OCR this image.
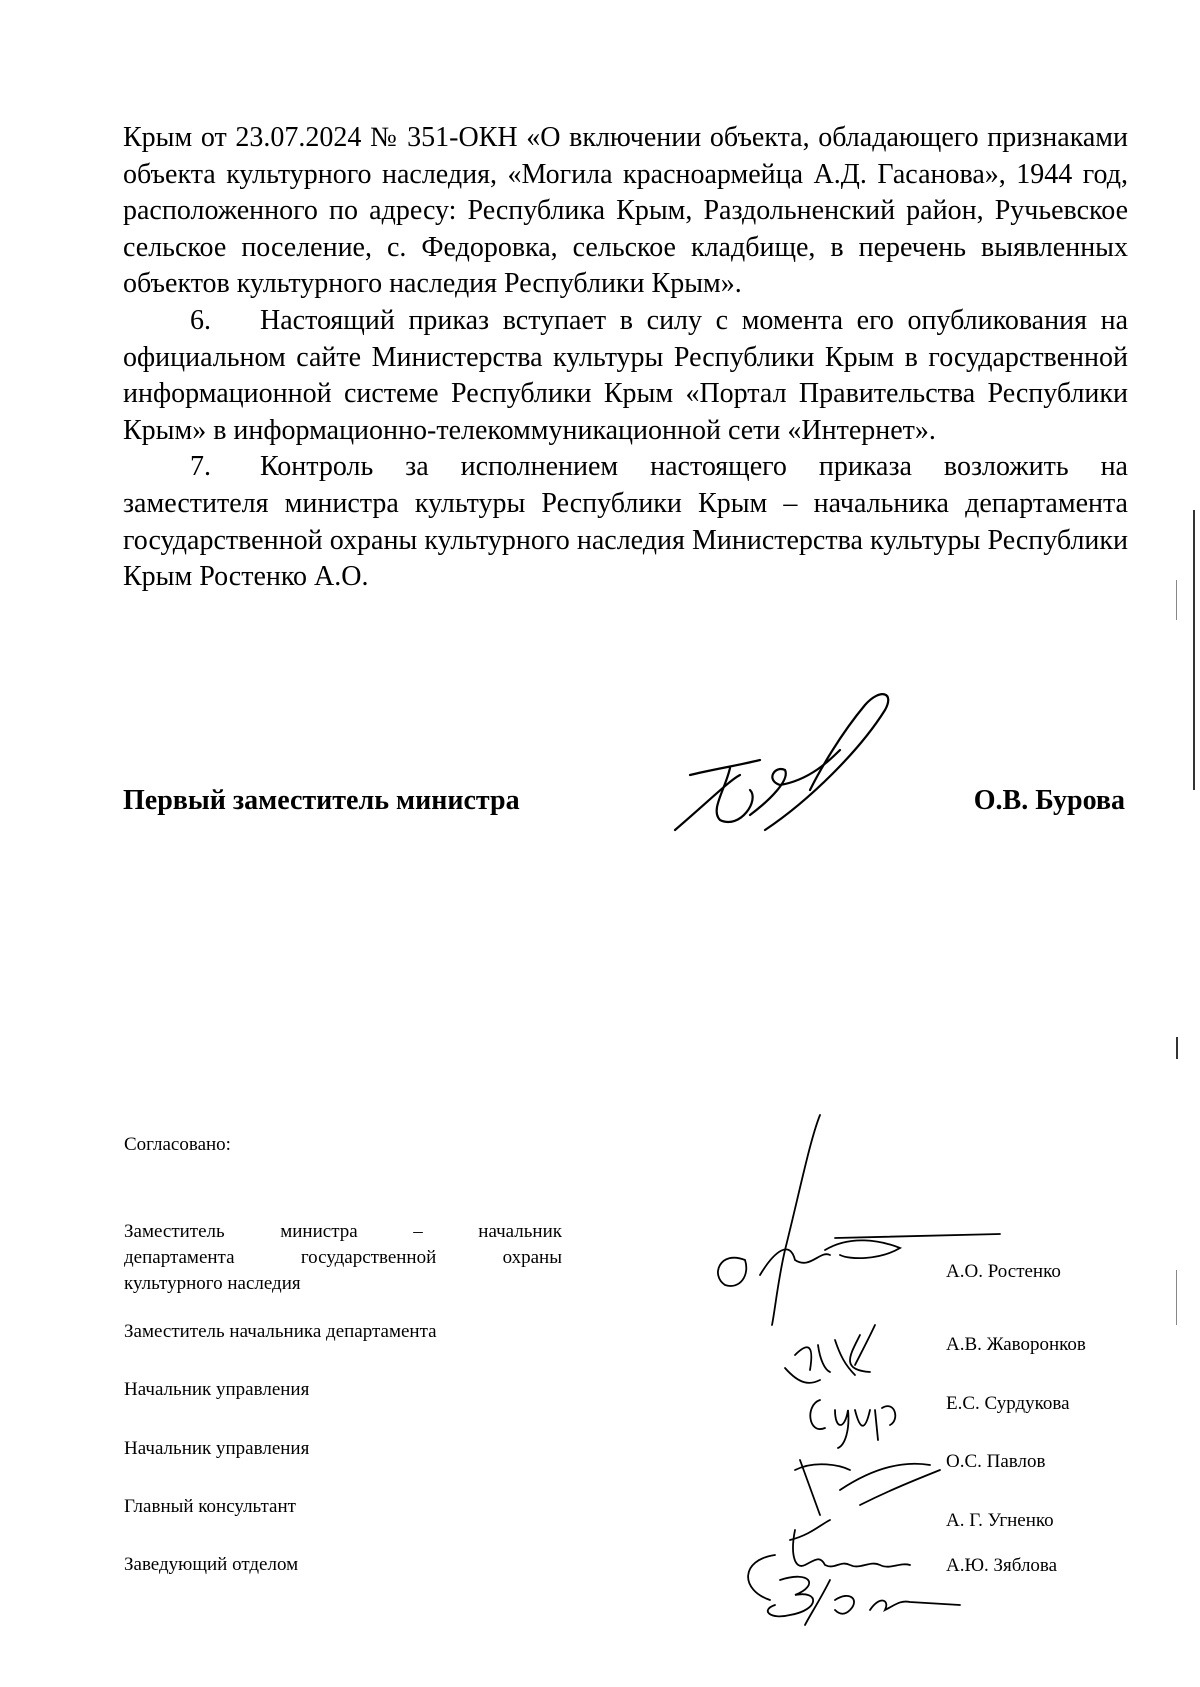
Крым от 23.07.2024 № 351-ОКН «О включении объекта, обладающего признаками объекта культурного наследия, «Могила красноармейца А.Д. Гасанова», 1944 год, расположенного по адресу: Республика Крым, Раздольненский район, Ручьевское сельское поселение, с. Федоровка, сельское кладбище, в перечень выявленных объектов культурного наследия Республики Крым».

6. Настоящий приказ вступает в силу с момента его опубликования на официальном сайте Министерства культуры Республики Крым в государственной информационной системе Республики Крым «Портал Правительства Республики Крым» в информационно-телекоммуникационной сети «Интернет».

7. Контроль за исполнением настоящего приказа возложить на заместителя министра культуры Республики Крым – начальника департамента государственной охраны культурного наследия Министерства культуры Республики Крым Ростенко А.О.

Первый заместитель министра	О.В. Бурова
Согласовано:
Заместитель министра – начальник
департамента государственной охраны
культурного наследия
А.О. Ростенко
Заместитель начальника департамента
А.В. Жаворонков
Начальник управления
Е.С. Сурдукова
Начальник управления
О.С. Павлов
Главный консультант
А. Г. Угненко
Заведующий отделом	А.Ю. Зяблова
